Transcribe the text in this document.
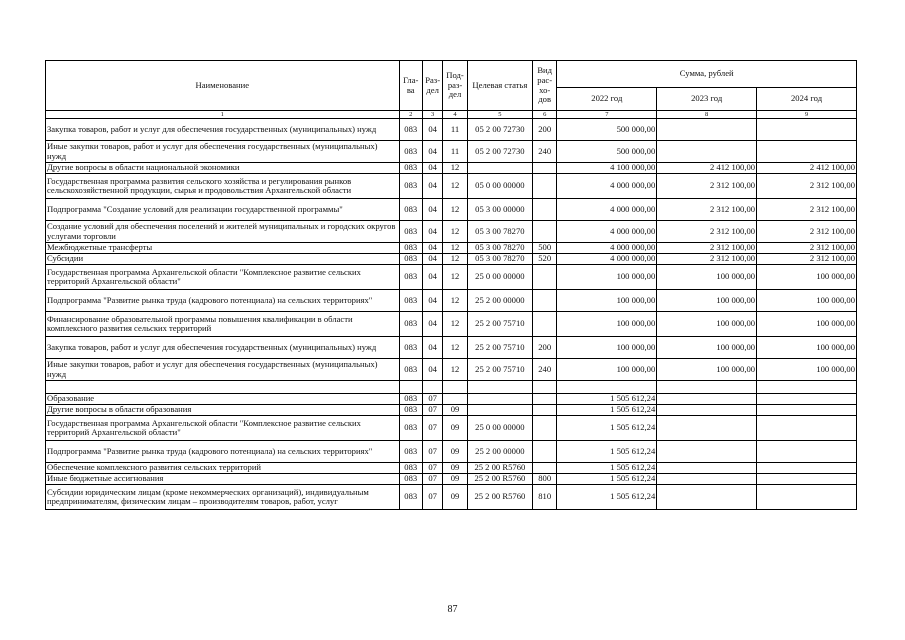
Наименование	Гла-ва	Раз-дел	Под-раз-дел	Целевая статья	Вид рас-хо-дов	Сумма, рублей		
						2022 год	2023 год	2024 год
1	2	3	4	5	6	7	8	9
Закупка товаров, работ и услуг для обеспечения государственных (муниципальных) нужд	083	04	11	05 2 00 72730	200	500 000,00		
Иные закупки товаров, работ и услуг для обеспечения государственных (муниципальных) нужд	083	04	11	05 2 00 72730	240	500 000,00		
Другие вопросы в области национальной экономики	083	04	12			4 100 000,00	2 412 100,00	2 412 100,00
Государственная программа развития сельского хозяйства и регулирования рынков сельскохозяйственной продукции, сырья и продовольствия Архангельской области	083	04	12	05 0 00 00000		4 000 000,00	2 312 100,00	2 312 100,00
Подпрограмма "Создание условий для реализации государственной программы"	083	04	12	05 3 00 00000		4 000 000,00	2 312 100,00	2 312 100,00
Создание условий для обеспечения поселений и жителей муниципальных и городских округов услугами торговли	083	04	12	05 3 00 78270		4 000 000,00	2 312 100,00	2 312 100,00
Межбюджетные трансферты	083	04	12	05 3 00 78270	500	4 000 000,00	2 312 100,00	2 312 100,00
Субсидии	083	04	12	05 3 00 78270	520	4 000 000,00	2 312 100,00	2 312 100,00
Государственная программа Архангельской области "Комплексное развитие сельских территорий Архангельской области"	083	04	12	25 0 00 00000		100 000,00	100 000,00	100 000,00
Подпрограмма "Развитие рынка труда (кадрового потенциала) на сельских территориях"	083	04	12	25 2 00 00000		100 000,00	100 000,00	100 000,00
Финансирование образовательной программы повышения квалификации в области комплексного развития сельских территорий	083	04	12	25 2 00 75710		100 000,00	100 000,00	100 000,00
Закупка товаров, работ и услуг для обеспечения государственных (муниципальных) нужд	083	04	12	25 2 00 75710	200	100 000,00	100 000,00	100 000,00
Иные закупки товаров, работ и услуг для обеспечения государственных (муниципальных) нужд	083	04	12	25 2 00 75710	240	100 000,00	100 000,00	100 000,00

Образование	083	07				1 505 612,24		
Другие вопросы в области образования	083	07	09			1 505 612,24		
Государственная программа Архангельской области "Комплексное развитие сельских территорий Архангельской области"	083	07	09	25 0 00 00000		1 505 612,24		
Подпрограмма "Развитие рынка труда (кадрового потенциала) на сельских территориях"	083	07	09	25 2 00 00000		1 505 612,24		
Обеспечение комплексного развития сельских территорий	083	07	09	25 2 00 R5760		1 505 612,24		
Иные бюджетные ассигнования	083	07	09	25 2 00 R5760	800	1 505 612,24		
Субсидии юридическим лицам (кроме некоммерческих организаций), индивидуальным предпринимателям, физическим лицам – производителям товаров, работ, услуг	083	07	09	25 2 00 R5760	810	1 505 612,24		
87
